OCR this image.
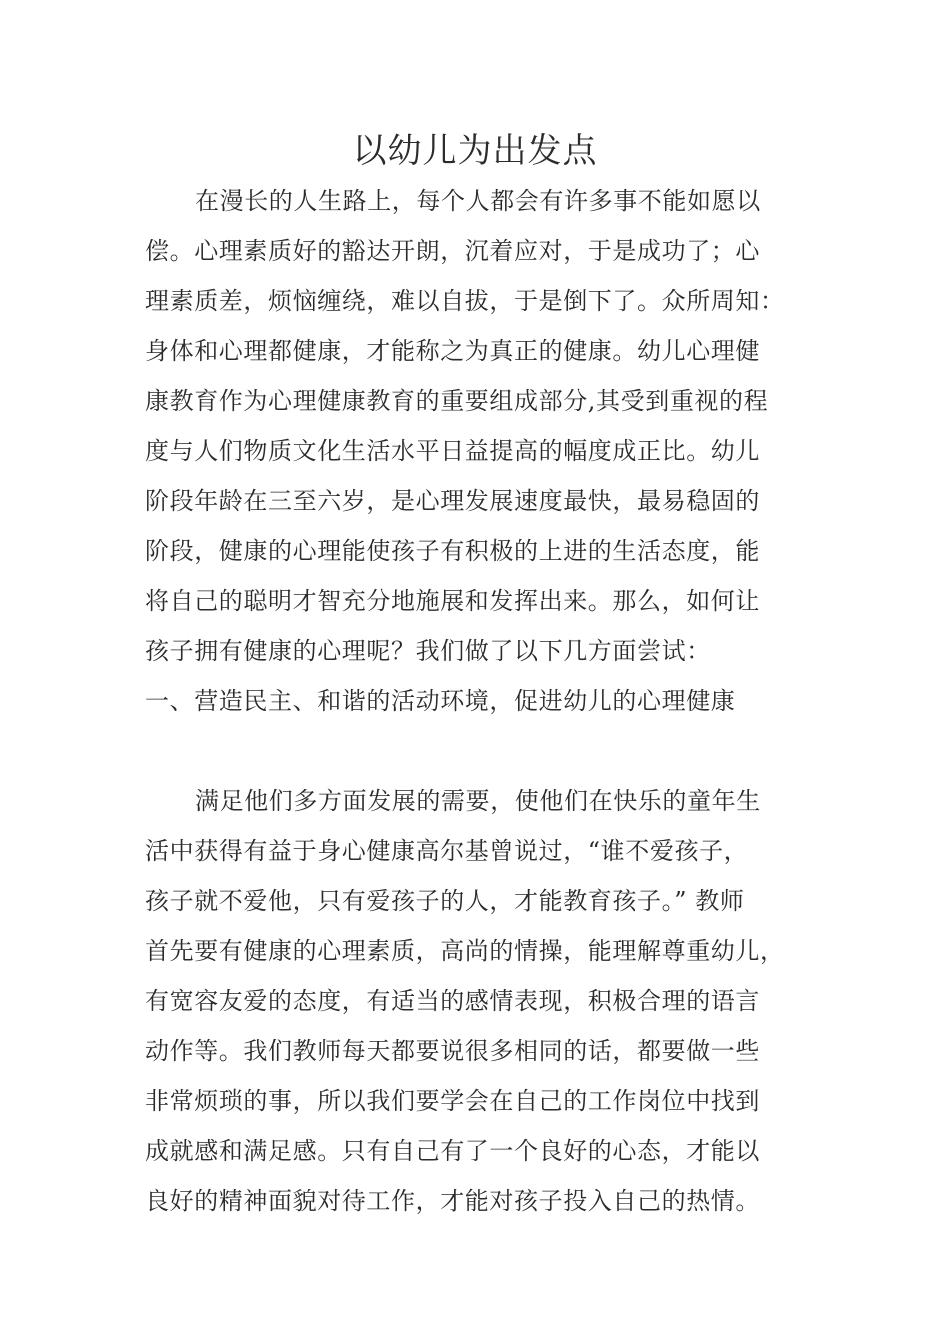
以幼儿为出发点
在漫长的人生路上，每个人都会有许多事不能如愿以
偿。心理素质好的豁达开朗，沉着应对，于是成功了；心
理素质差，烦恼缠绕，难以自拔，于是倒下了。众所周知：
身体和心理都健康，才能称之为真正的健康。幼儿心理健
康教育作为心理健康教育的重要组成部分,其受到重视的程
度与人们物质文化生活水平日益提高的幅度成正比。幼儿
阶段年龄在三至六岁，是心理发展速度最快，最易稳固的
阶段，健康的心理能使孩子有积极的上进的生活态度，能
将自己的聪明才智充分地施展和发挥出来。那么，如何让
孩子拥有健康的心理呢？我们做了以下几方面尝试：
一、营造民主、和谐的活动环境，促进幼儿的心理健康
满足他们多方面发展的需要，使他们在快乐的童年生
活中获得有益于身心健康高尔基曾说过，“谁不爱孩子，
孩子就不爱他，只有爱孩子的人，才能教育孩子。” 教师
首先要有健康的心理素质，高尚的情操，能理解尊重幼儿，
有宽容友爱的态度，有适当的感情表现，积极合理的语言
动作等。我们教师每天都要说很多相同的话，都要做一些
非常烦琐的事，所以我们要学会在自己的工作岗位中找到
成就感和满足感。只有自己有了一个良好的心态，才能以
良好的精神面貌对待工作，才能对孩子投入自己的热情。
